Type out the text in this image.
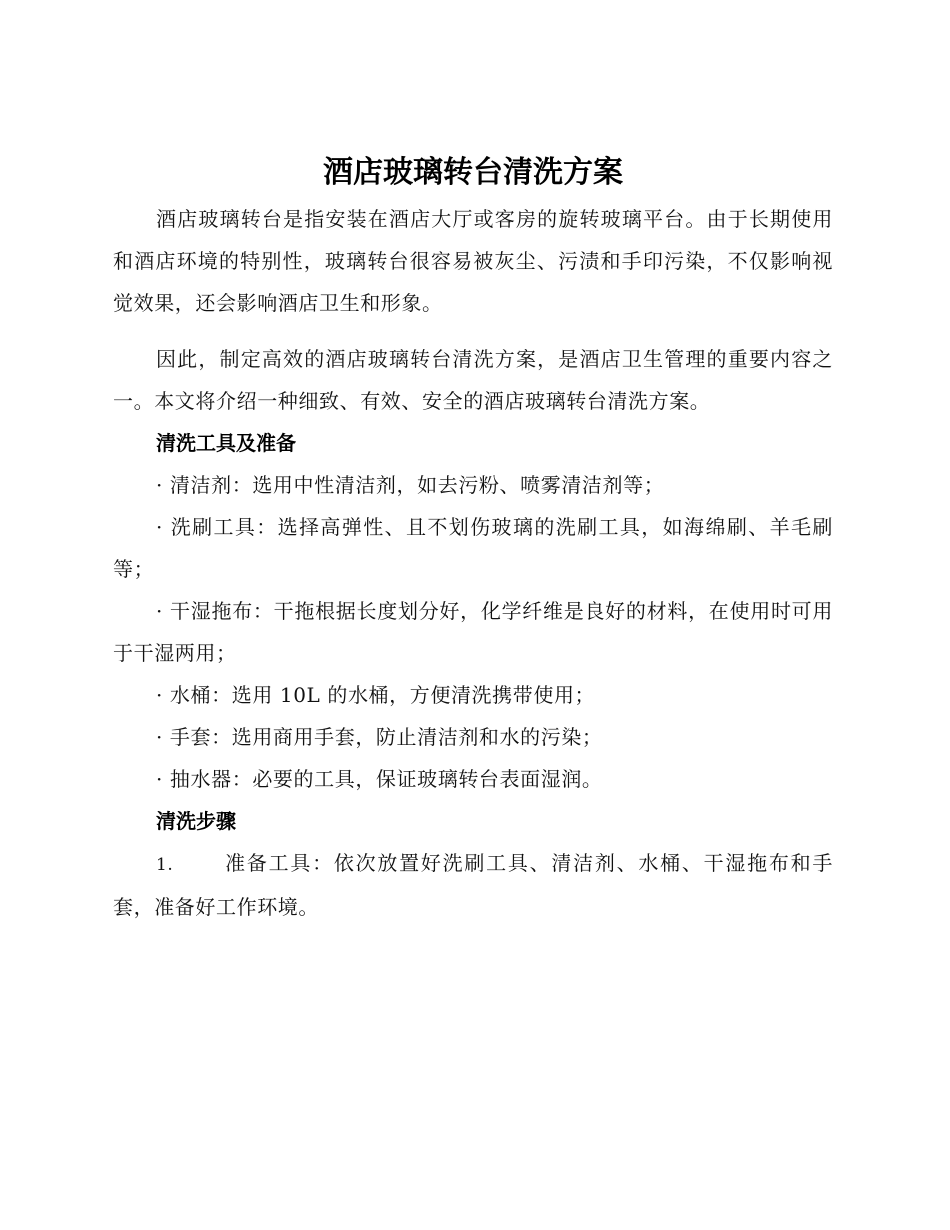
酒店玻璃转台清洗方案

酒店玻璃转台是指安装在酒店大厅或客房的旋转玻璃平台。由于长期使用和酒店环境的特别性，玻璃转台很容易被灰尘、污渍和手印污染，不仅影响视觉效果，还会影响酒店卫生和形象。

因此，制定高效的酒店玻璃转台清洗方案，是酒店卫生管理的重要内容之一。本文将介绍一种细致、有效、安全的酒店玻璃转台清洗方案。

清洗工具及准备

· 清洁剂：选用中性清洁剂，如去污粉、喷雾清洁剂等；

· 洗刷工具：选择高弹性、且不划伤玻璃的洗刷工具，如海绵刷、羊毛刷等；

· 干湿拖布：干拖根据长度划分好，化学纤维是良好的材料，在使用时可用于干湿两用；

· 水桶：选用 10L 的水桶，方便清洗携带使用；

· 手套：选用商用手套，防止清洁剂和水的污染；

· 抽水器：必要的工具，保证玻璃转台表面湿润。

清洗步骤

1.	准备工具：依次放置好洗刷工具、清洁剂、水桶、干湿拖布和手套，准备好工作环境。
